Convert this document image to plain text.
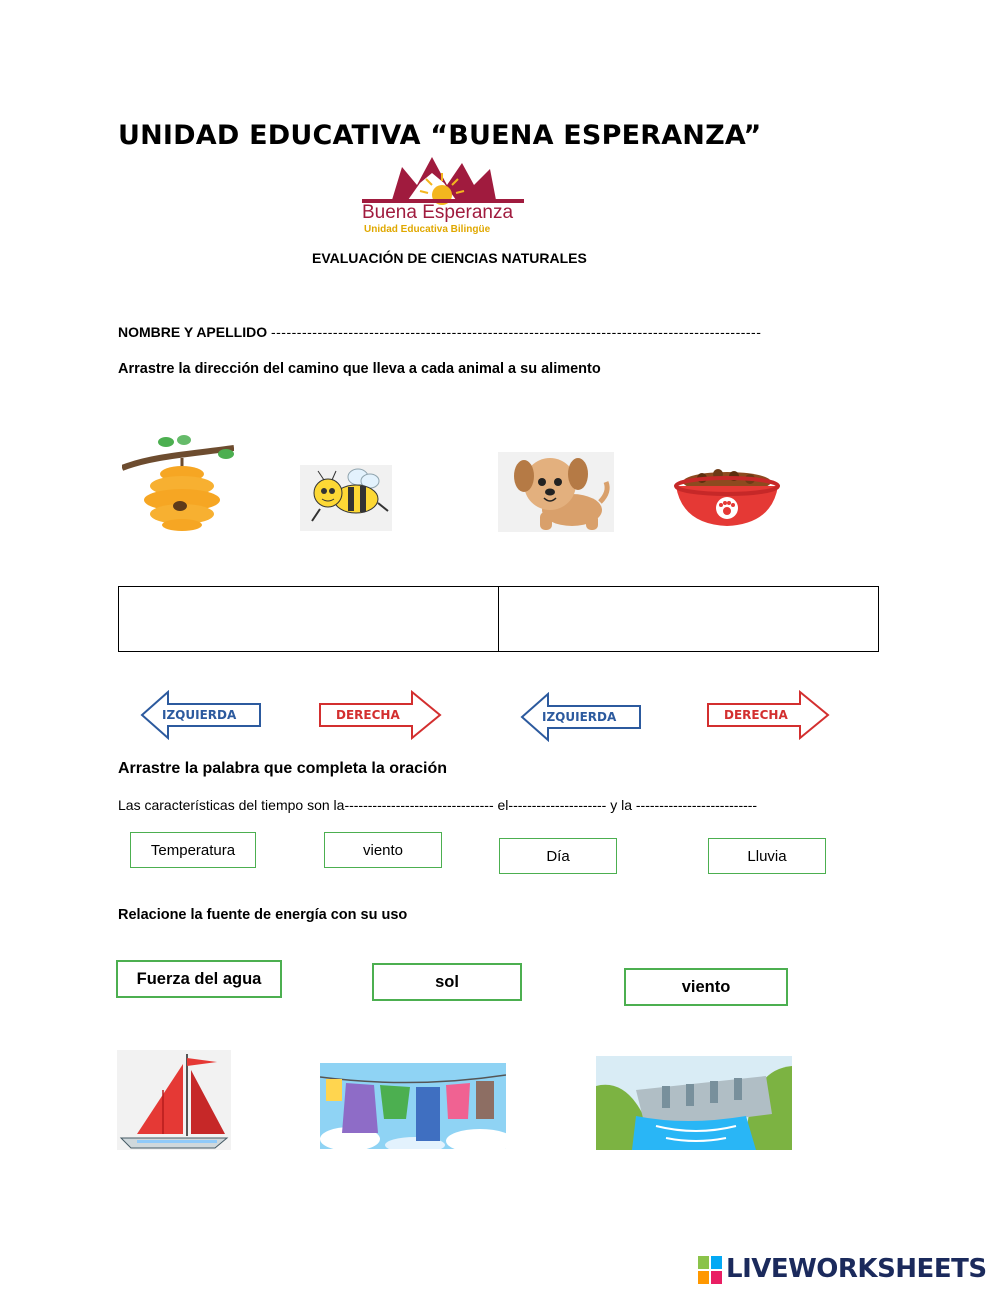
UNIDAD EDUCATIVA “BUENA ESPERANZA”
Buena Esperanza
Unidad Educativa Bilingüe
EVALUACIÓN DE CIENCIAS NATURALES
NOMBRE Y APELLIDO -----------------------------------------------------------------------------------------------
Arrastre la dirección del camino que lleva a cada animal a su alimento
IZQUIERDA	DERECHA	IZQUIERDA	DERECHA
Arrastre la palabra que completa la oración
Las características del tiempo son la-------------------------------- el--------------------- y la --------------------------
Temperatura	viento	Día	Lluvia
Relacione la fuente de energía con su uso
Fuerza del agua	sol	viento
LIVEWORKSHEETS
